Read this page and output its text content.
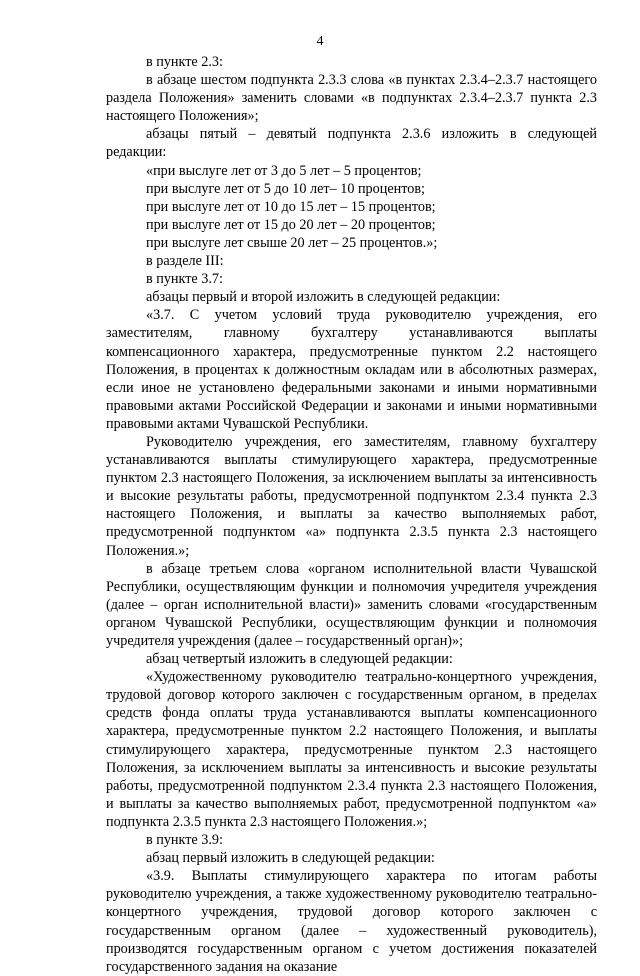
4

в пункте 2.3:

в абзаце шестом подпункта 2.3.3 слова «в пунктах 2.3.4–2.3.7 настоящего раздела Положения» заменить словами «в подпунктах 2.3.4–2.3.7 пункта 2.3 настоящего Положения»;

абзацы пятый – девятый подпункта 2.3.6 изложить в следующей редакции:

«при выслуге лет от 3 до 5 лет – 5 процентов;

при выслуге лет от 5 до 10 лет– 10 процентов;

при выслуге лет от 10 до 15 лет – 15 процентов;

при выслуге лет от 15 до 20 лет – 20 процентов;

при выслуге лет свыше 20 лет – 25 процентов.»;

в разделе III:

в пункте 3.7:

абзацы первый и второй изложить в следующей редакции:

«3.7. С учетом условий труда руководителю учреждения, его заместителям, главному бухгалтеру устанавливаются выплаты компенсационного характера, предусмотренные пунктом 2.2 настоящего Положения, в процентах к должностным окладам или в абсолютных размерах, если иное не установлено федеральными законами и иными нормативными правовыми актами Российской Федерации и законами и иными нормативными правовыми актами Чувашской Республики.

Руководителю учреждения, его заместителям, главному бухгалтеру устанавливаются выплаты стимулирующего характера, предусмотренные пунктом 2.3 настоящего Положения, за исключением выплаты за интенсивность и высокие результаты работы, предусмотренной подпунктом 2.3.4 пункта 2.3 настоящего Положения, и выплаты за качество выполняемых работ, предусмотренной подпунктом «а» подпункта 2.3.5 пункта 2.3 настоящего Положения.»;

в абзаце третьем слова «органом исполнительной власти Чувашской Республики, осуществляющим функции и полномочия учредителя учреждения (далее – орган исполнительной власти)» заменить словами «государственным органом Чувашской Республики, осуществляющим функции и полномочия учредителя учреждения (далее – государственный орган)»;

абзац четвертый изложить в следующей редакции:

«Художественному руководителю театрально-концертного учреждения, трудовой договор которого заключен с государственным органом, в пределах средств фонда оплаты труда устанавливаются выплаты компенсационного характера, предусмотренные пунктом 2.2 настоящего Положения, и выплаты стимулирующего характера, предусмотренные пунктом 2.3 настоящего Положения, за исключением выплаты за интенсивность и высокие результаты работы, предусмотренной подпунктом 2.3.4 пункта 2.3 настоящего Положения, и выплаты за качество выполняемых работ, предусмотренной подпунктом «а» подпункта 2.3.5 пункта 2.3 настоящего Положения.»;

в пункте 3.9:

абзац первый изложить в следующей редакции:

«3.9. Выплаты стимулирующего характера по итогам работы руководителю учреждения, а также художественному руководителю театрально-концертного учреждения, трудовой договор которого заключен с государственным органом (далее – художественный руководитель), производятся государственным органом с учетом достижения показателей государственного задания на оказание
